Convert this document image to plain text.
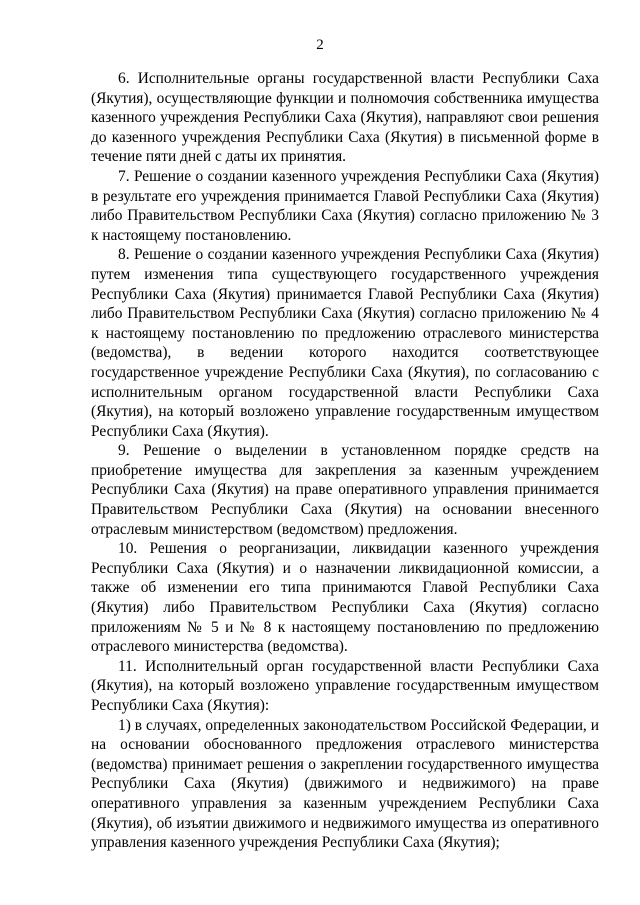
2

6. Исполнительные органы государственной власти Республики Саха (Якутия), осуществляющие функции и полномочия собственника имущества казенного учреждения Республики Саха (Якутия), направляют свои решения до казенного учреждения Республики Саха (Якутия) в письменной форме в течение пяти дней с даты их принятия.

7. Решение о создании казенного учреждения Республики Саха (Якутия) в результате его учреждения принимается Главой Республики Саха (Якутия) либо Правительством Республики Саха (Якутия) согласно приложению № 3 к настоящему постановлению.

8. Решение о создании казенного учреждения Республики Саха (Якутия) путем изменения типа существующего государственного учреждения Республики Саха (Якутия) принимается Главой Республики Саха (Якутия) либо Правительством Республики Саха (Якутия) согласно приложению № 4 к настоящему постановлению по предложению отраслевого министерства (ведомства), в ведении которого находится соответствующее государственное учреждение Республики Саха (Якутия), по согласованию с исполнительным органом государственной власти Республики Саха (Якутия), на который возложено управление государственным имуществом Республики Саха (Якутия).

9. Решение о выделении в установленном порядке средств на приобретение имущества для закрепления за казенным учреждением Республики Саха (Якутия) на праве оперативного управления принимается Правительством Республики Саха (Якутия) на основании внесенного отраслевым министерством (ведомством) предложения.

10. Решения о реорганизации, ликвидации казенного учреждения Республики Саха (Якутия) и о назначении ликвидационной комиссии, а также об изменении его типа принимаются Главой Республики Саха (Якутия) либо Правительством Республики Саха (Якутия) согласно приложениям № 5 и № 8 к настоящему постановлению по предложению отраслевого министерства (ведомства).

11. Исполнительный орган государственной власти Республики Саха (Якутия), на который возложено управление государственным имуществом Республики Саха (Якутия):

1) в случаях, определенных законодательством Российской Федерации, и на основании обоснованного предложения отраслевого министерства (ведомства) принимает решения о закреплении государственного имущества Республики Саха (Якутия) (движимого и недвижимого) на праве оперативного управления за казенным учреждением Республики Саха (Якутия), об изъятии движимого и недвижимого имущества из оперативного управления казенного учреждения Республики Саха (Якутия);
